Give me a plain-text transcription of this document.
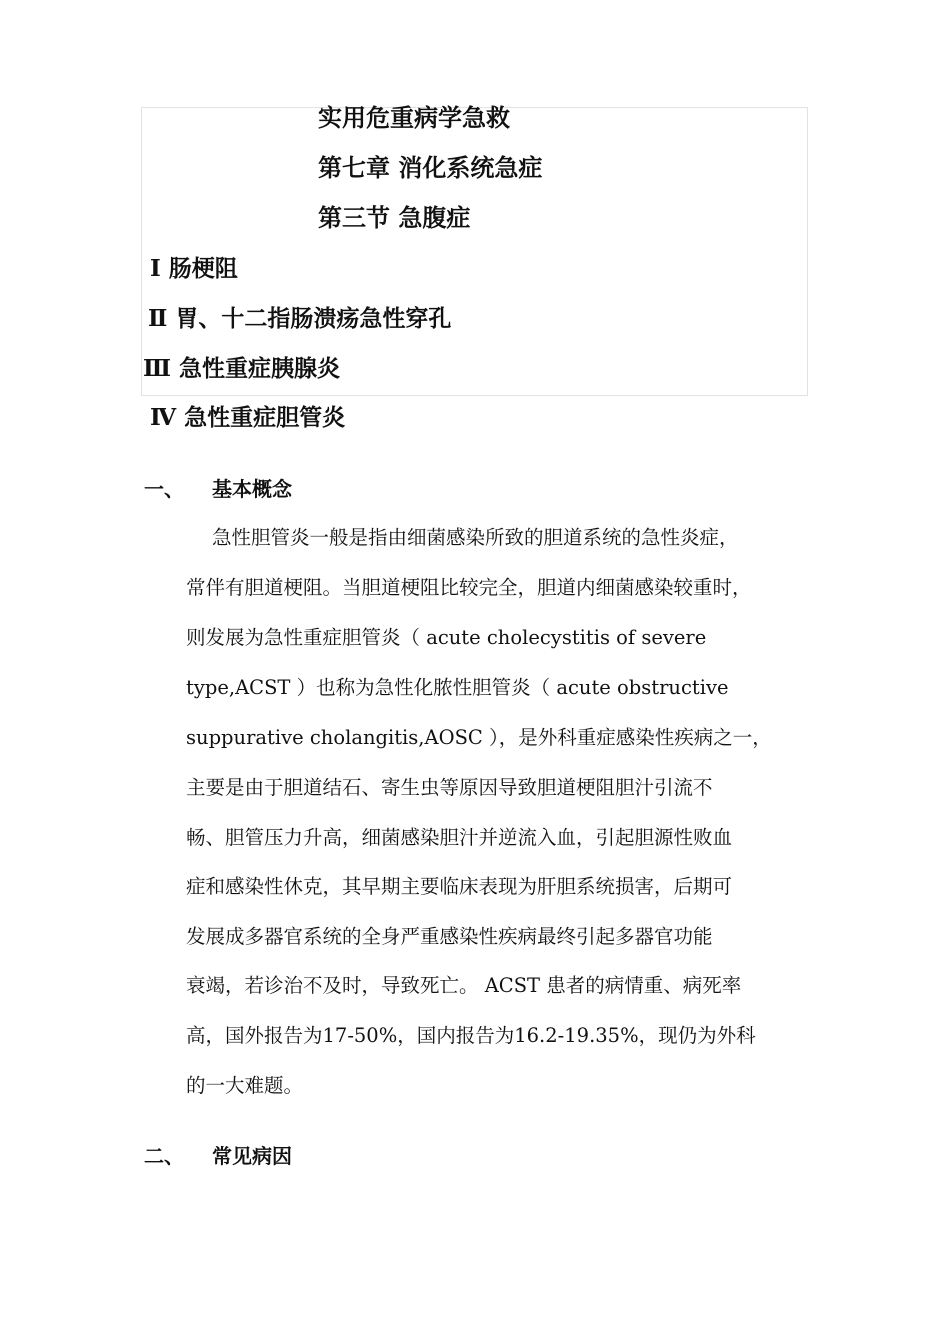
实用危重病学急救
第七章 消化系统急症
第三节 急腹症
Ⅰ 肠梗阻
Ⅱ 胃、十二指肠溃疡急性穿孔
Ⅲ 急性重症胰腺炎
Ⅳ 急性重症胆管炎
一、 基本概念
急性胆管炎一般是指由细菌感染所致的胆道系统的急性炎症，
常伴有胆道梗阻。当胆道梗阻比较完全，胆道内细菌感染较重时，
则发展为急性重症胆管炎（ acute cholecystitis of severe
type,ACST ）也称为急性化脓性胆管炎（ acute obstructive
suppurative cholangitis,AOSC ），是外科重症感染性疾病之一，
主要是由于胆道结石、寄生虫等原因导致胆道梗阻胆汁引流不
畅、胆管压力升高，细菌感染胆汁并逆流入血，引起胆源性败血
症和感染性休克，其早期主要临床表现为肝胆系统损害，后期可
发展成多器官系统的全身严重感染性疾病最终引起多器官功能
衰竭，若诊治不及时，导致死亡。 ACST 患者的病情重、病死率
高，国外报告为17-50%，国内报告为16.2-19.35%，现仍为外科
的一大难题。
二、 常见病因
